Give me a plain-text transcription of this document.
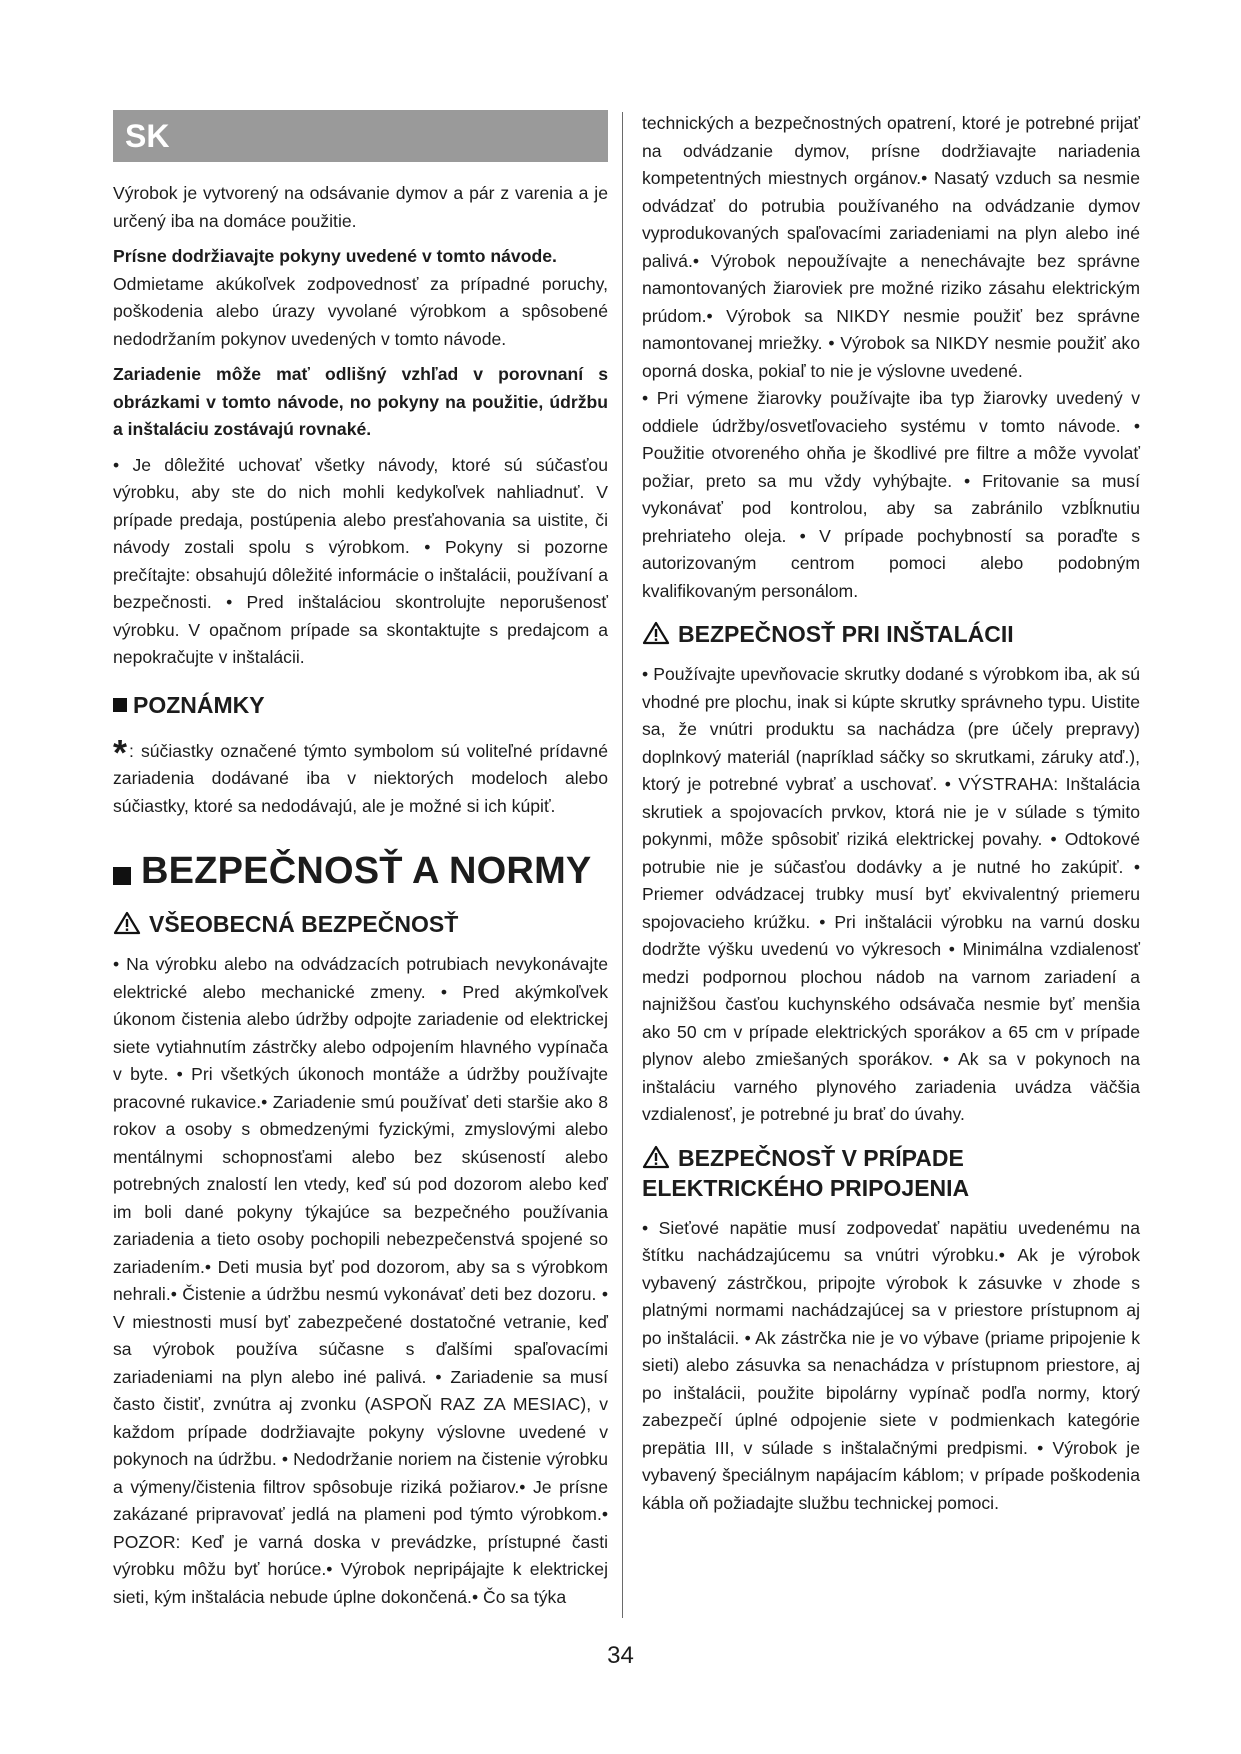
SK

Výrobok je vytvorený na odsávanie dymov a pár z varenia a je určený iba na domáce použitie.

Prísne dodržiavajte pokyny uvedené v tomto návode.

Odmietame akúkoľvek zodpovednosť za prípadné poruchy, poškodenia alebo úrazy vyvolané výrobkom a spôsobené nedodržaním pokynov uvedených v tomto návode.

Zariadenie môže mať odlišný vzhľad v porovnaní s obrázkami v tomto návode, no pokyny na použitie, údržbu a inštaláciu zostávajú rovnaké.

• Je dôležité uchovať všetky návody, ktoré sú súčasťou výrobku, aby ste do nich mohli kedykoľvek nahliadnuť. V prípade predaja, postúpenia alebo presťahovania sa uistite, či návody zostali spolu s výrobkom. • Pokyny si pozorne prečítajte: obsahujú dôležité informácie o inštalácii, používaní a bezpečnosti. • Pred inštaláciou skontrolujte neporušenosť výrobku. V opačnom prípade sa skontaktujte s predajcom a nepokračujte v inštalácii.

POZNÁMKY

* : súčiastky označené týmto symbolom sú voliteľné prídavné zariadenia dodávané iba v niektorých modeloch alebo súčiastky, ktoré sa nedodávajú, ale je možné si ich kúpiť.

BEZPEČNOSŤ A NORMY
VŠEOBECNÁ BEZPEČNOSŤ

• Na výrobku alebo na odvádzacích potrubiach nevykonávajte elektrické alebo mechanické zmeny. • Pred akýmkoľvek úkonom čistenia alebo údržby odpojte zariadenie od elektrickej siete vytiahnutím zástrčky alebo odpojením hlavného vypínača v byte. • Pri všetkých úkonoch montáže a údržby používajte pracovné rukavice.• Zariadenie smú používať deti staršie ako 8 rokov a osoby s obmedzenými fyzickými, zmyslovými alebo mentálnymi schopnosťami alebo bez skúseností alebo potrebných znalostí len vtedy, keď sú pod dozorom alebo keď im boli dané pokyny týkajúce sa bezpečného používania zariadenia a tieto osoby pochopili nebezpečenstvá spojené so zariadením.• Deti musia byť pod dozorom, aby sa s výrobkom nehrali.• Čistenie a údržbu nesmú vykonávať deti bez dozoru. • V miestnosti musí byť zabezpečené dostatočné vetranie, keď sa výrobok používa súčasne s ďalšími spaľovacími zariadeniami na plyn alebo iné palivá. • Zariadenie sa musí často čistiť, zvnútra aj zvonku (ASPOŇ RAZ ZA MESIAC), v každom prípade dodržiavajte pokyny výslovne uvedené v pokynoch na údržbu. • Nedodržanie noriem na čistenie výrobku a výmeny/čistenia filtrov spôsobuje riziká požiarov.• Je prísne zakázané pripravovať jedlá na plameni pod týmto výrobkom.• POZOR: Keď je varná doska v prevádzke, prístupné časti výrobku môžu byť horúce.• Výrobok nepripájajte k elektrickej sieti, kým inštalácia nebude úplne dokončená.• Čo sa týka

technických a bezpečnostných opatrení, ktoré je potrebné prijať na odvádzanie dymov, prísne dodržiavajte nariadenia kompetentných miestnych orgánov.• Nasatý vzduch sa nesmie odvádzať do potrubia používaného na odvádzanie dymov vyprodukovaných spaľovacími zariadeniami na plyn alebo iné palivá.• Výrobok nepoužívajte a nenechávajte bez správne namontovaných žiaroviek pre možné riziko zásahu elektrickým prúdom.• Výrobok sa NIKDY nesmie použiť bez správne namontovanej mriežky. • Výrobok sa NIKDY nesmie použiť ako oporná doska, pokiaľ to nie je výslovne uvedené.

• Pri výmene žiarovky používajte iba typ žiarovky uvedený v oddiele údržby/osvetľovacieho systému v tomto návode. • Použitie otvoreného ohňa je škodlivé pre filtre a môže vyvolať požiar, preto sa mu vždy vyhýbajte. • Fritovanie sa musí vykonávať pod kontrolou, aby sa zabránilo vzbĺknutiu prehriateho oleja. • V prípade pochybností sa poraďte s autorizovaným centrom pomoci alebo podobným kvalifikovaným personálom.

BEZPEČNOSŤ PRI INŠTALÁCII

• Používajte upevňovacie skrutky dodané s výrobkom iba, ak sú vhodné pre plochu, inak si kúpte skrutky správneho typu. Uistite sa, že vnútri produktu sa nachádza (pre účely prepravy) doplnkový materiál (napríklad sáčky so skrutkami, záruky atď.), ktorý je potrebné vybrať a uschovať. • VÝSTRAHA: Inštalácia skrutiek a spojovacích prvkov, ktorá nie je v súlade s týmito pokynmi, môže spôsobiť riziká elektrickej povahy. • Odtokové potrubie nie je súčasťou dodávky a je nutné ho zakúpiť. • Priemer odvádzacej trubky musí byť ekvivalentný priemeru spojovacieho krúžku. • Pri inštalácii výrobku na varnú dosku dodržte výšku uvedenú vo výkresoch • Minimálna vzdialenosť medzi podpornou plochou nádob na varnom zariadení a najnižšou časťou kuchynského odsávača nesmie byť menšia ako 50 cm v prípade elektrických sporákov a 65 cm v prípade plynov alebo zmiešaných sporákov. • Ak sa v pokynoch na inštaláciu varného plynového zariadenia uvádza väčšia vzdialenosť, je potrebné ju brať do úvahy.

BEZPEČNOSŤ V PRÍPADE
ELEKTRICKÉHO PRIPOJENIA

• Sieťové napätie musí zodpovedať napätiu uvedenému na štítku nachádzajúcemu sa vnútri výrobku.• Ak je výrobok vybavený zástrčkou, pripojte výrobok k zásuvke v zhode s platnými normami nachádzajúcej sa v priestore prístupnom aj po inštalácii. • Ak zástrčka nie je vo výbave (priame pripojenie k sieti) alebo zásuvka sa nenachádza v prístupnom priestore, aj po inštalácii, použite bipolárny vypínač podľa normy, ktorý zabezpečí úplné odpojenie siete v podmienkach kategórie prepätia III, v súlade s inštalačnými predpismi. • Výrobok je vybavený špeciálnym napájacím káblom; v prípade poškodenia kábla oň požiadajte službu technickej pomoci.

34
